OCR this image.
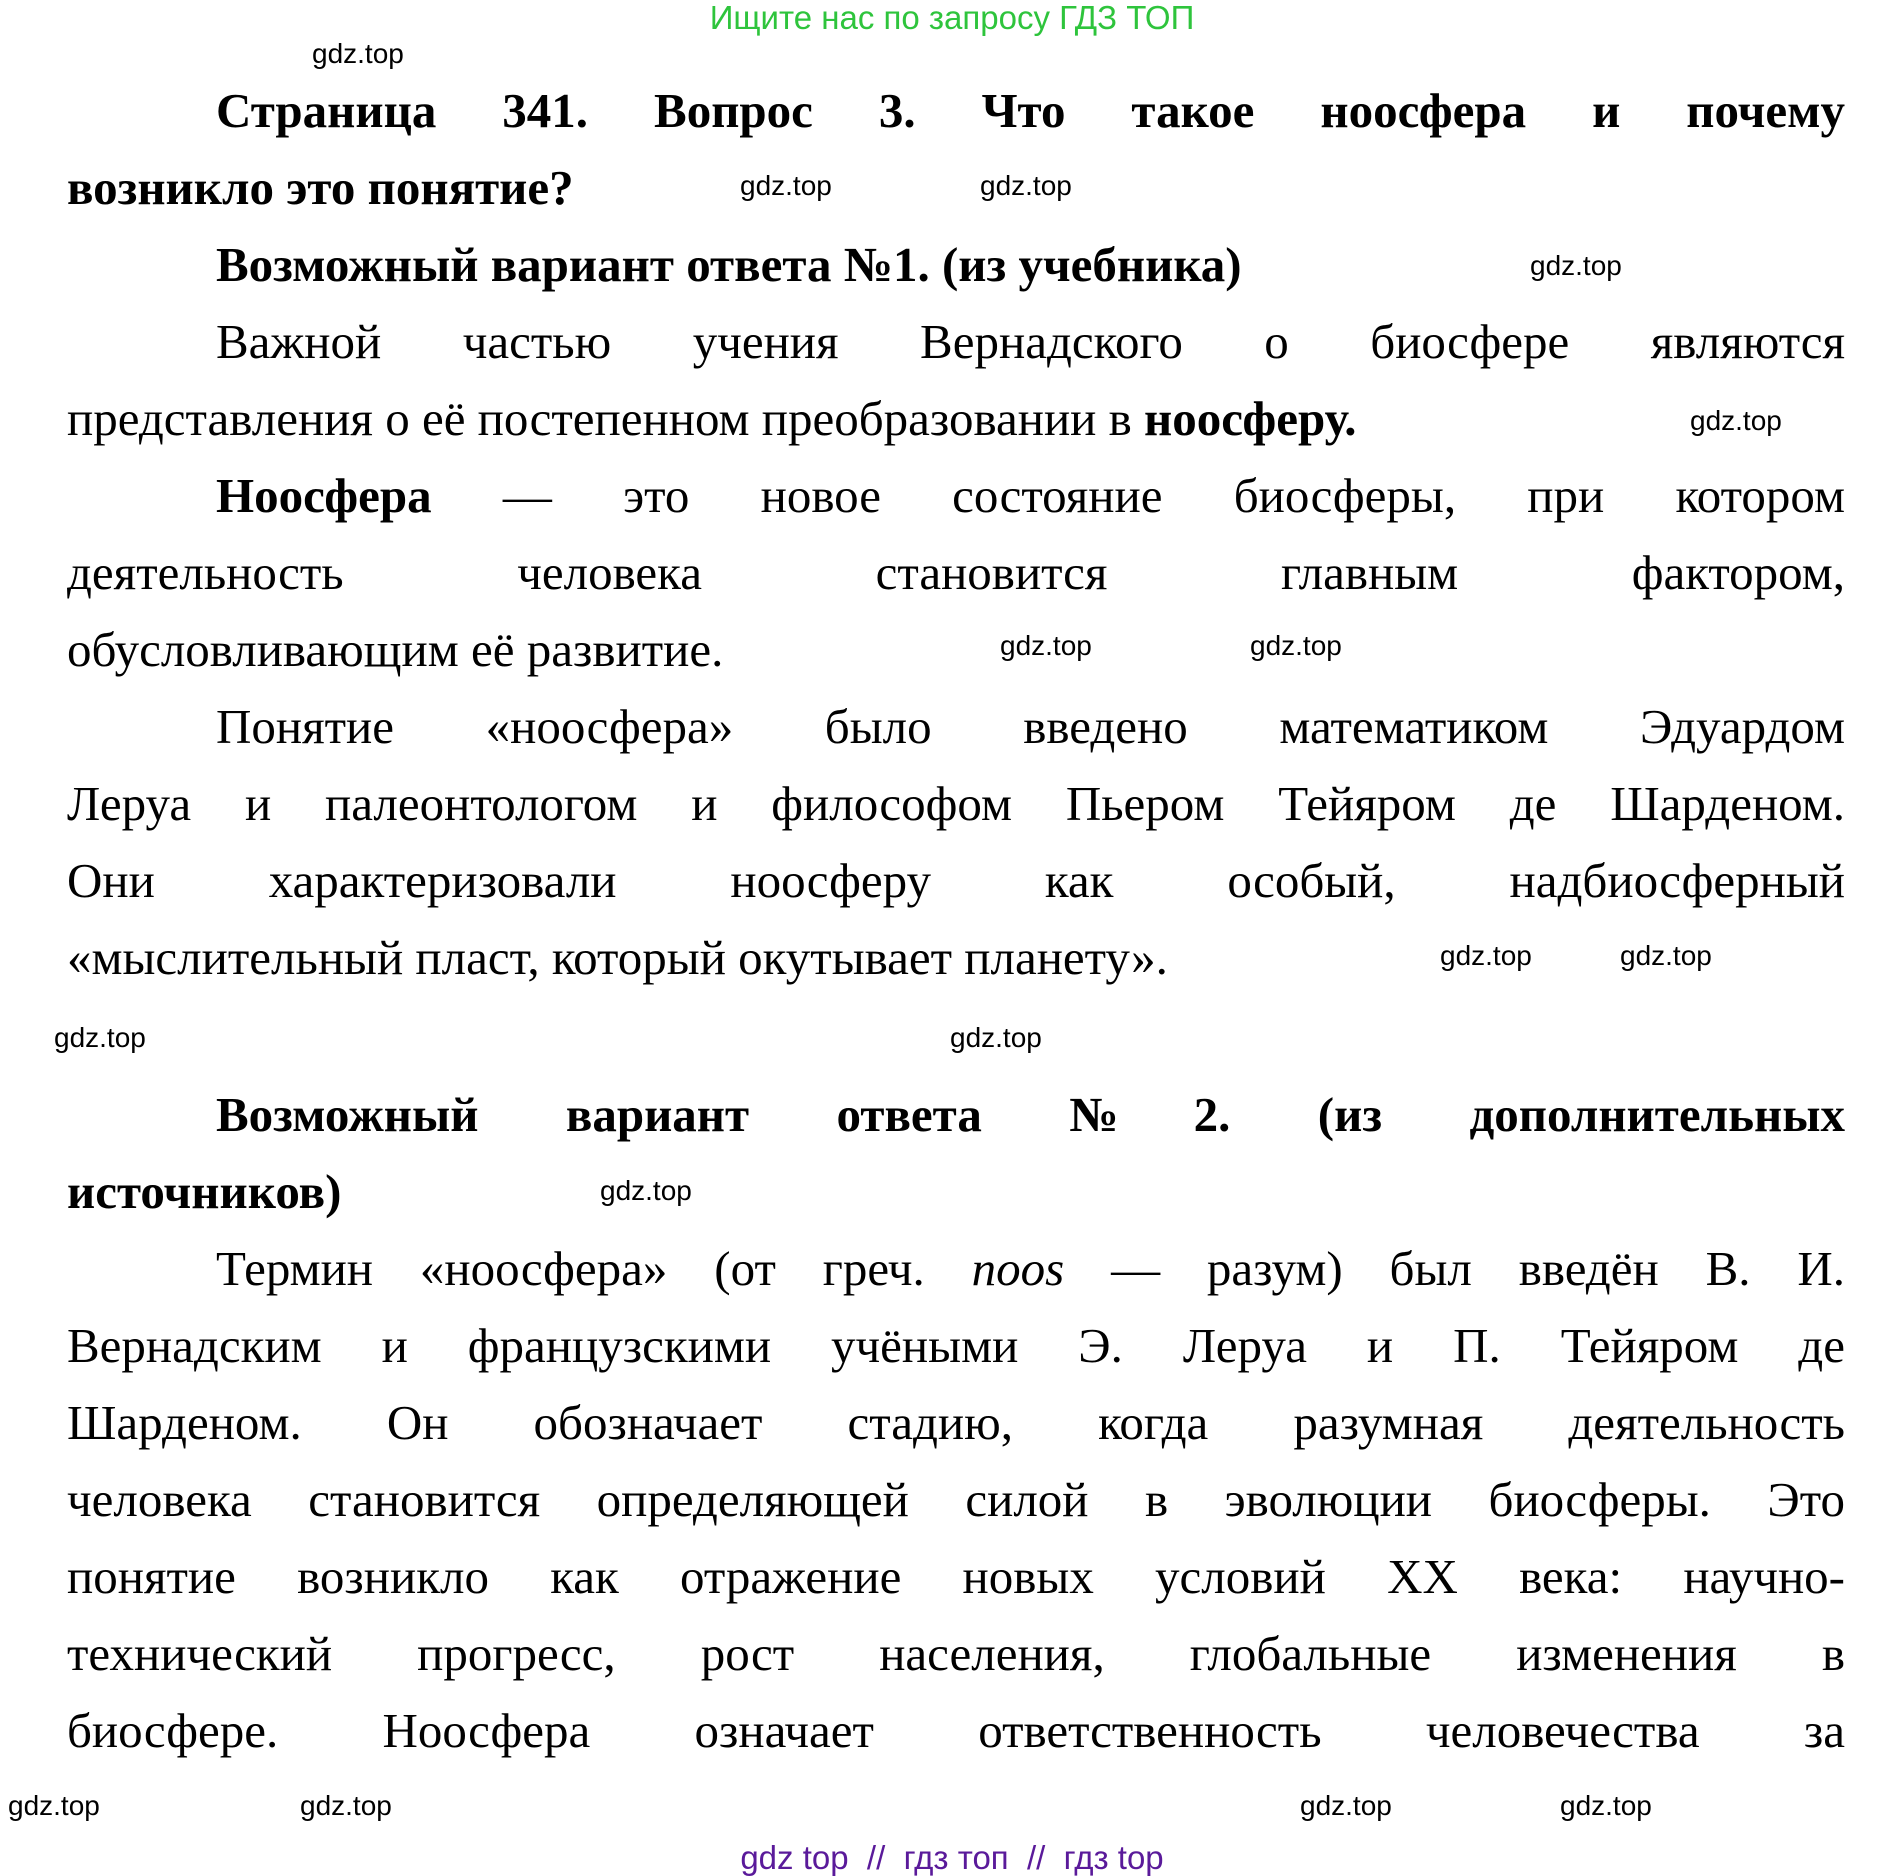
Ищите нас по запросу ГДЗ ТОП
Страница 341. Вопрос 3. Что такое ноосфера и почему
возникло это понятие?
Возможный вариант ответа №1. (из учебника)
Важной частью учения Вернадского о биосфере являются
представления о её постепенном преобразовании в ноосферу.
Ноосфера — это новое состояние биосферы, при котором
деятельность человека становится главным фактором,
обусловливающим её развитие.
Понятие «ноосфера» было введено математиком Эдуардом
Леруа и палеонтологом и философом Пьером Тейяром де Шарденом.
Они характеризовали ноосферу как особый, надбиосферный
«мыслительный пласт, который окутывает планету».
Возможный вариант ответа №2. (из дополнительных
источников)
Термин «ноосфера» (от греч. noos — разум) был введён В. И.
Вернадским и французскими учёными Э. Леруа и П. Тейяром де
Шарденом. Он обозначает стадию, когда разумная деятельность
человека становится определяющей силой в эволюции биосферы. Это
понятие возникло как отражение новых условий XX века: научно-
технический прогресс, рост населения, глобальные изменения в
биосфере. Ноосфера означает ответственность человечества за
gdz.top
gdz.top	gdz.top
gdz.top
gdz.top
gdz.top	gdz.top
gdz.top	gdz.top
gdz.top
gdz.top
gdz.top
gdz.top	gdz.top	gdz.top	gdz.top
gdz top  //  гдз топ  //  гдз top
